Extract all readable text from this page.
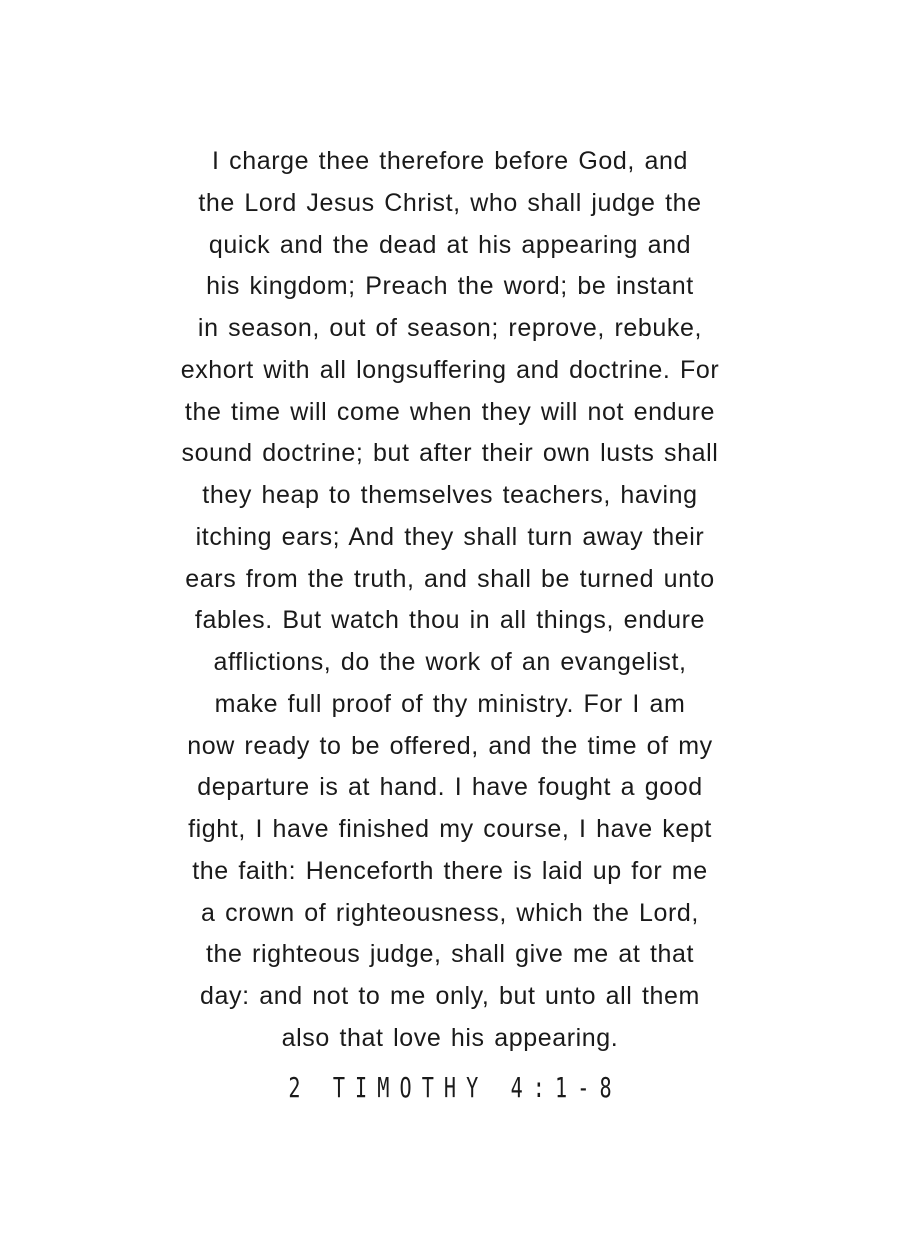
I charge thee therefore before God, and
the Lord Jesus Christ, who shall judge the
quick and the dead at his appearing and
his kingdom; Preach the word; be instant
in season, out of season; reprove, rebuke,
exhort with all longsuffering and doctrine. For
the time will come when they will not endure
sound doctrine; but after their own lusts shall
they heap to themselves teachers, having
itching ears; And they shall turn away their
ears from the truth, and shall be turned unto
fables. But watch thou in all things, endure
afflictions, do the work of an evangelist,
make full proof of thy ministry. For I am
now ready to be offered, and the time of my
departure is at hand. I have fought a good
fight, I have finished my course, I have kept
the faith: Henceforth there is laid up for me
a crown of righteousness, which the Lord,
the righteous judge, shall give me at that
day: and not to me only, but unto all them
also that love his appearing.
2 TIMOTHY 4:1-8
